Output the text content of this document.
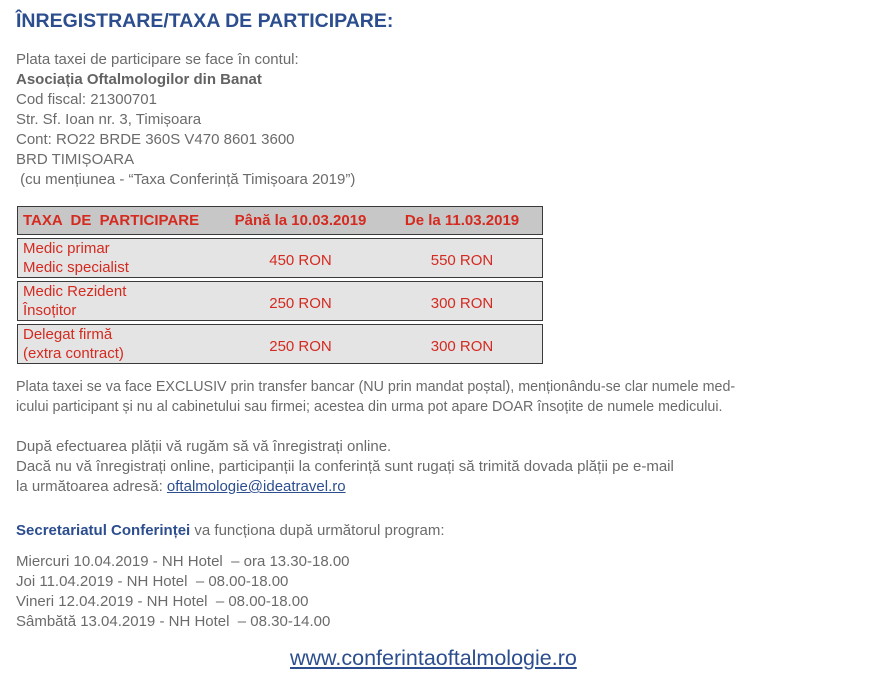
ÎNREGISTRARE/TAXA DE PARTICIPARE:
Plata taxei de participare se face în contul:
Asociația Oftalmologilor din Banat
Cod fiscal: 21300701
Str. Sf. Ioan nr. 3, Timișoara
Cont: RO22 BRDE 360S V470 8601 3600
BRD TIMIȘOARA
(cu mențiunea - “Taxa Conferință Timișoara 2019”)
TAXA  DE  PARTICIPARE	Până la 10.03.2019	De la 11.03.2019
Medic primar
Medic specialist	450 RON	550 RON
Medic Rezident
Însoțitor	250 RON	300 RON
Delegat firmă
(extra contract)	250 RON	300 RON
Plata taxei se va face EXCLUSIV prin transfer bancar (NU prin mandat poștal), menționându-se clar numele med-
icului participant și nu al cabinetului sau firmei; acestea din urma pot apare DOAR însoțite de numele medicului.
După efectuarea plății vă rugăm să vă înregistrați online.
Dacă nu vă înregistrați online, participanții la conferință sunt rugați să trimită dovada plății pe e-mail
la următoarea adresă: oftalmologie@ideatravel.ro
Secretariatul Conferinței va funcționa după următorul program:
Miercuri 10.04.2019 - NH Hotel  – ora 13.30-18.00
Joi 11.04.2019 - NH Hotel  – 08.00-18.00
Vineri 12.04.2019 - NH Hotel  – 08.00-18.00
Sâmbătă 13.04.2019 - NH Hotel  – 08.30-14.00
www.conferintaoftalmologie.ro
